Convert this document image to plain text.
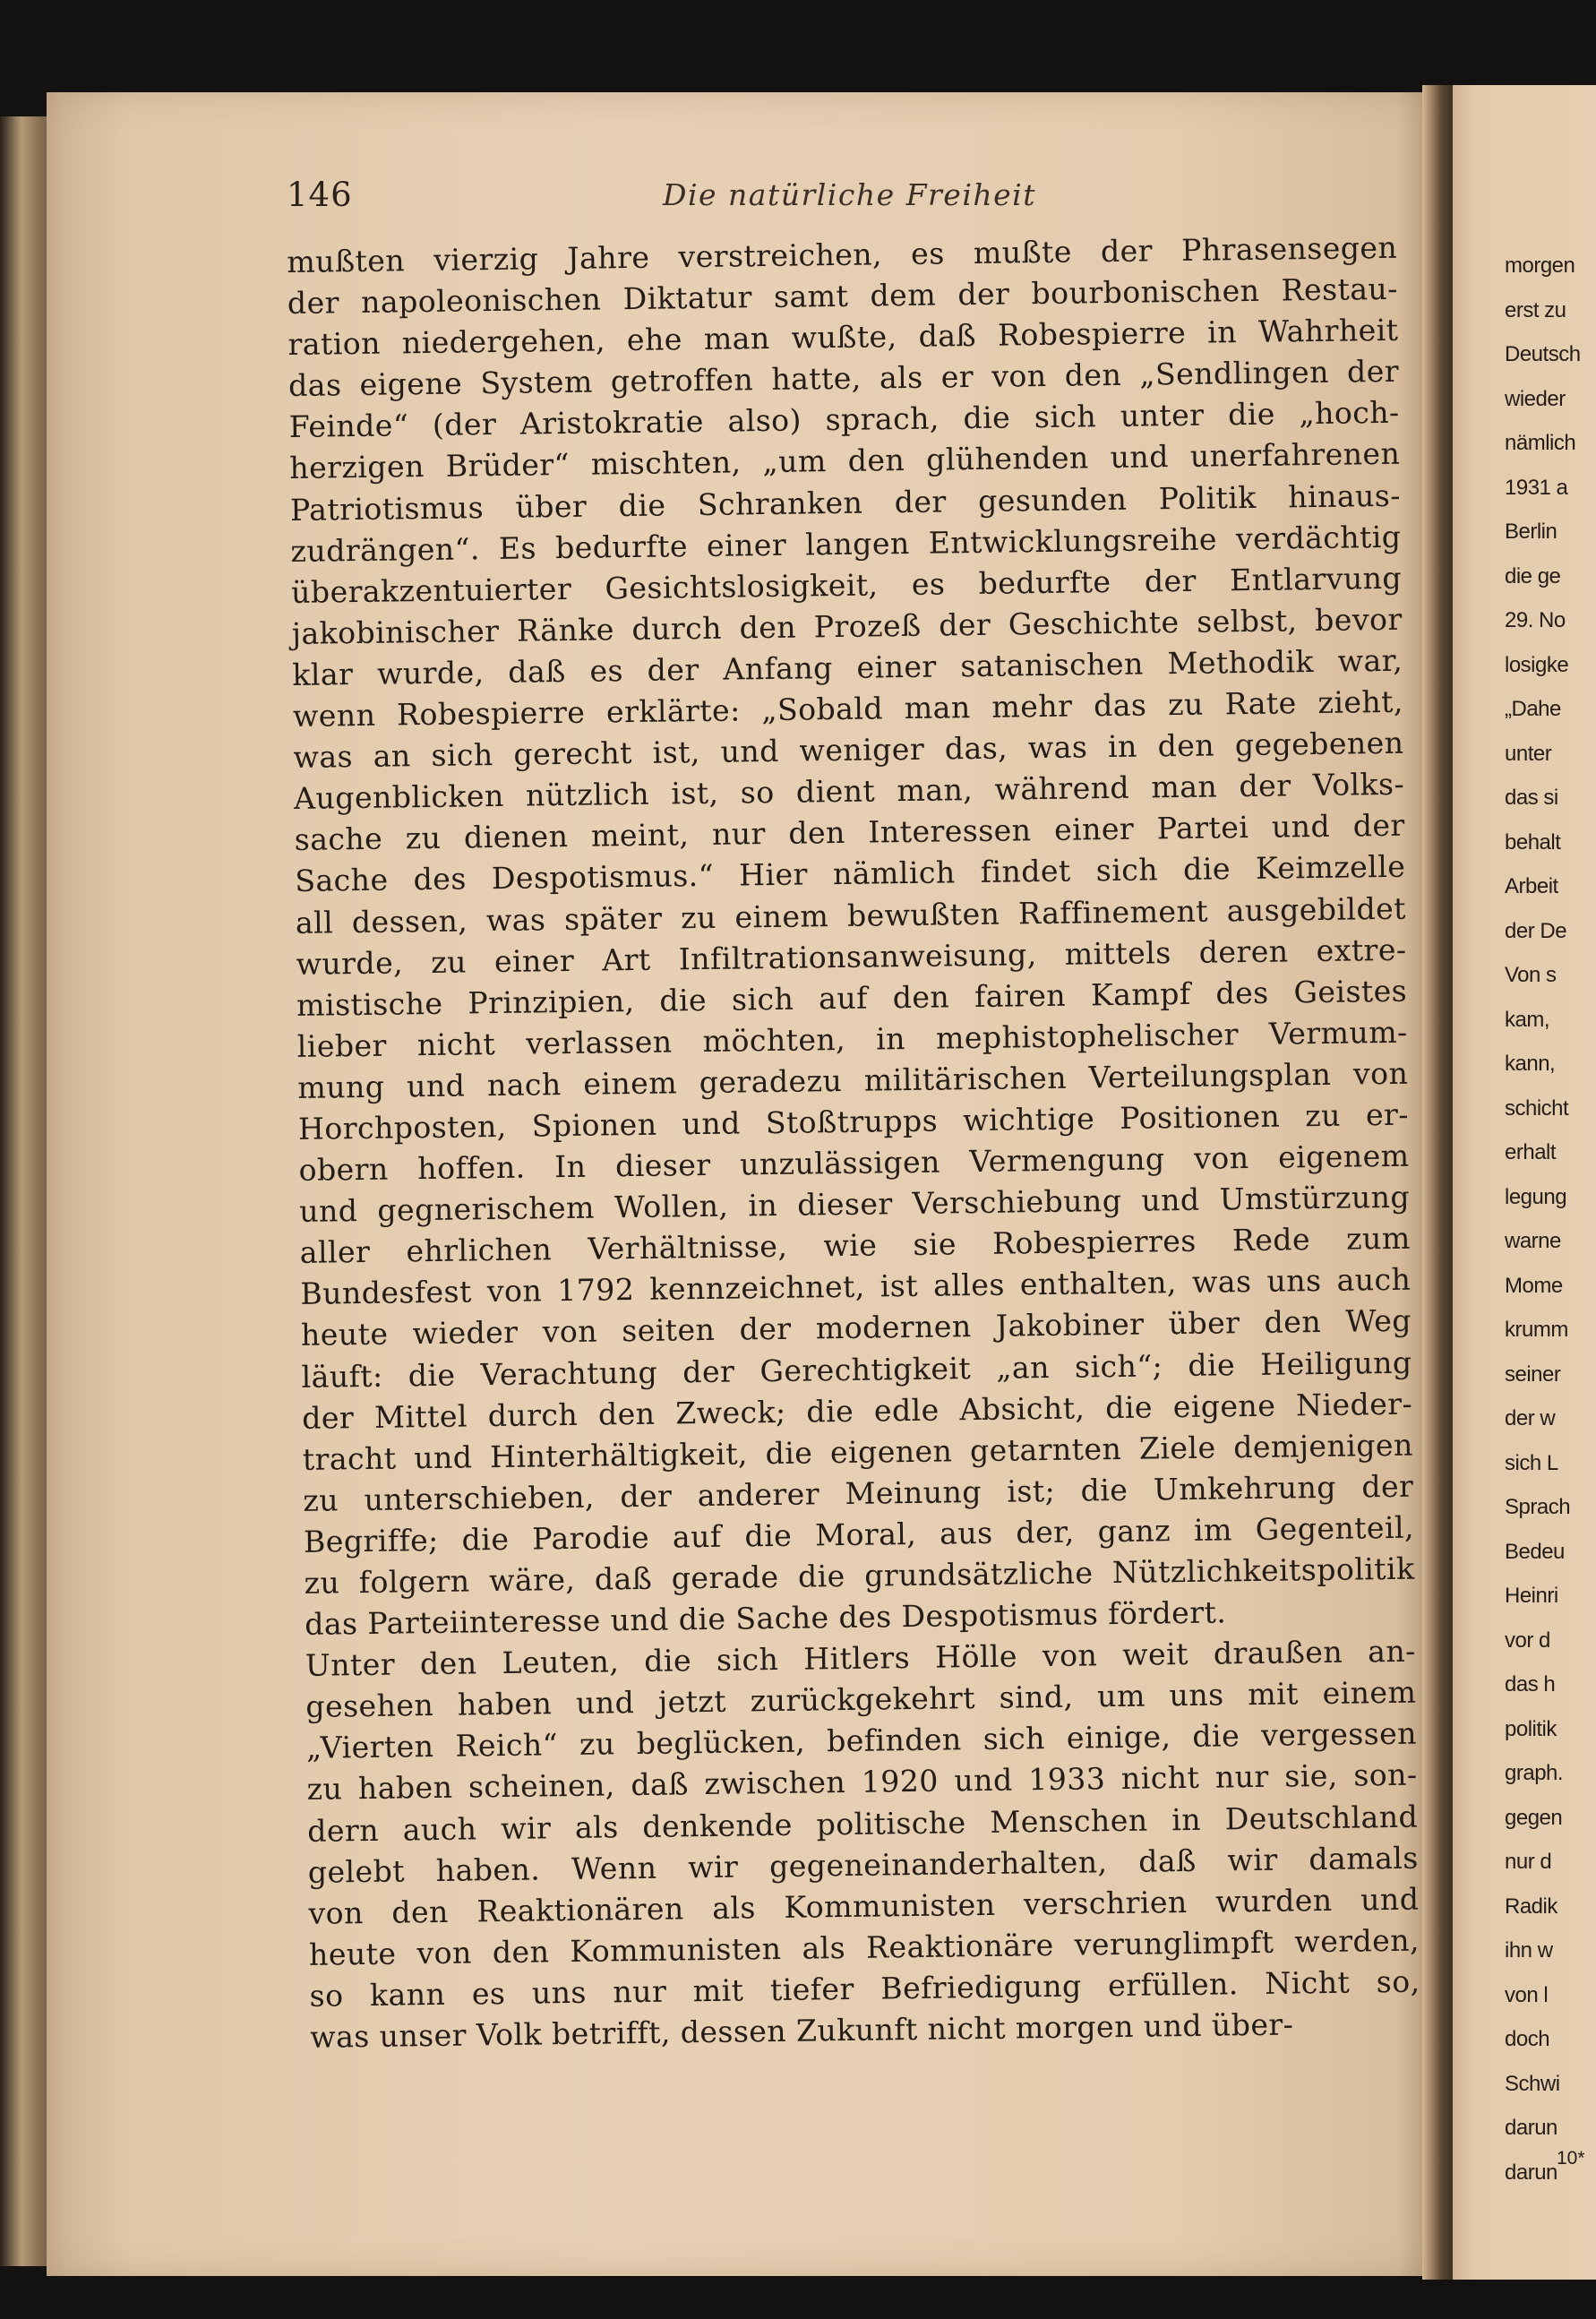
146	Die natürliche Freiheit
mußten vierzig Jahre verstreichen, es mußte der Phrasensegen
der napoleonischen Diktatur samt dem der bourbonischen Restau-
ration niedergehen, ehe man wußte, daß Robespierre in Wahrheit
das eigene System getroffen hatte, als er von den „Sendlingen der
Feinde“ (der Aristokratie also) sprach, die sich unter die „hoch-
herzigen Brüder“ mischten, „um den glühenden und unerfahrenen
Patriotismus über die Schranken der gesunden Politik hinaus-
zudrängen“. Es bedurfte einer langen Entwicklungsreihe verdächtig
überakzentuierter Gesichtslosigkeit, es bedurfte der Entlarvung
jakobinischer Ränke durch den Prozeß der Geschichte selbst, bevor
klar wurde, daß es der Anfang einer satanischen Methodik war,
wenn Robespierre erklärte: „Sobald man mehr das zu Rate zieht,
was an sich gerecht ist, und weniger das, was in den gegebenen
Augenblicken nützlich ist, so dient man, während man der Volks-
sache zu dienen meint, nur den Interessen einer Partei und der
Sache des Despotismus.“ Hier nämlich findet sich die Keimzelle
all dessen, was später zu einem bewußten Raffinement ausgebildet
wurde, zu einer Art Infiltrationsanweisung, mittels deren extre-
mistische Prinzipien, die sich auf den fairen Kampf des Geistes
lieber nicht verlassen möchten, in mephistophelischer Vermum-
mung und nach einem geradezu militärischen Verteilungsplan von
Horchposten, Spionen und Stoßtrupps wichtige Positionen zu er-
obern hoffen. In dieser unzulässigen Vermengung von eigenem
und gegnerischem Wollen, in dieser Verschiebung und Umstürzung
aller ehrlichen Verhältnisse, wie sie Robespierres Rede zum
Bundesfest von 1792 kennzeichnet, ist alles enthalten, was uns auch
heute wieder von seiten der modernen Jakobiner über den Weg
läuft: die Verachtung der Gerechtigkeit „an sich“; die Heiligung
der Mittel durch den Zweck; die edle Absicht, die eigene Nieder-
tracht und Hinterhältigkeit, die eigenen getarnten Ziele demjenigen
zu unterschieben, der anderer Meinung ist; die Umkehrung der
Begriffe; die Parodie auf die Moral, aus der, ganz im Gegenteil,
zu folgern wäre, daß gerade die grundsätzliche Nützlichkeitspolitik
das Parteiinteresse und die Sache des Despotismus fördert.
Unter den Leuten, die sich Hitlers Hölle von weit draußen an-
gesehen haben und jetzt zurückgekehrt sind, um uns mit einem
„Vierten Reich“ zu beglücken, befinden sich einige, die vergessen
zu haben scheinen, daß zwischen 1920 und 1933 nicht nur sie, son-
dern auch wir als denkende politische Menschen in Deutschland
gelebt haben. Wenn wir gegeneinanderhalten, daß wir damals
von den Reaktionären als Kommunisten verschrien wurden und
heute von den Kommunisten als Reaktionäre verunglimpft werden,
so kann es uns nur mit tiefer Befriedigung erfüllen. Nicht so,
was unser Volk betrifft, dessen Zukunft nicht morgen und über-
morgen
erst zu
Deutsch
wieder
nämlich
1931 a
Berlin
die ge
29. No
losigke
„Dahe
unter
das si
behalt
Arbeit
der De
Von s
kam,
kann,
schicht
erhalt
legung
warne
Mome
krumm
seiner
der w
sich L
Sprach
Bedeu
Heinri
vor d
das h
politik
graph.
gegen
nur d
Radik
ihn w
von l
doch
Schwi
darun
darun
10*
